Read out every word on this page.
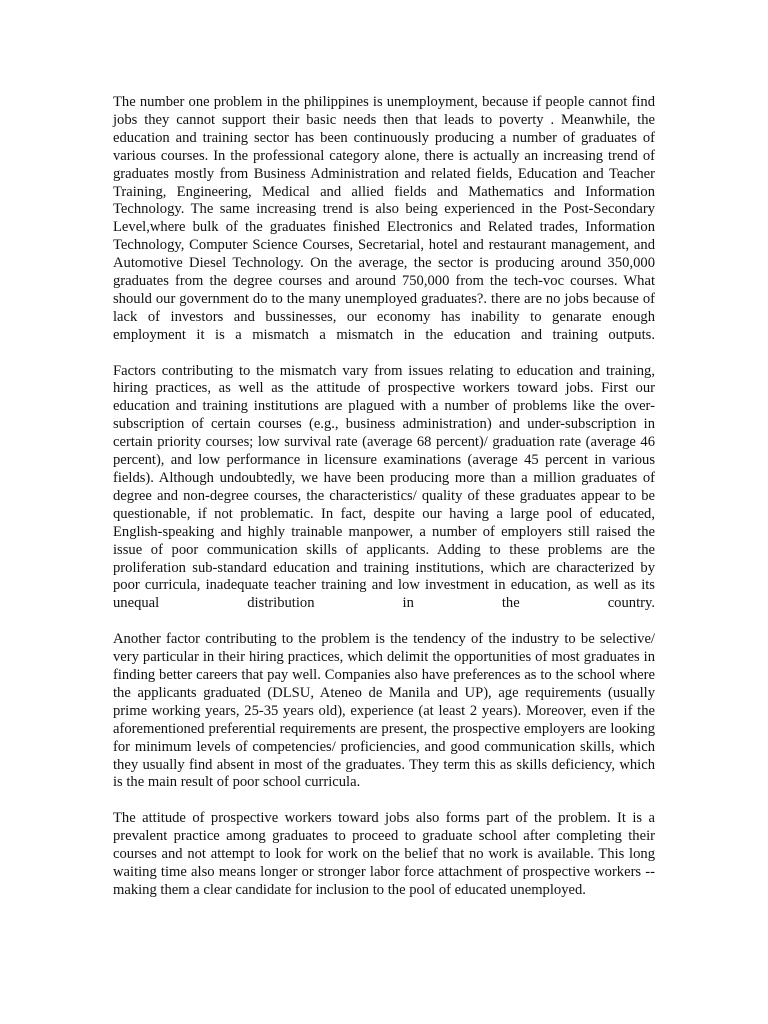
The number one problem in the philippines is unemployment, because if people cannot find jobs they cannot support their basic needs then that leads to poverty . Meanwhile, the education and training sector has been continuously producing a number of graduates of various courses. In the professional category alone, there is actually an increasing trend of graduates mostly from Business Administration and related fields, Education and Teacher Training, Engineering, Medical and allied fields and Mathematics and Information Technology. The same increasing trend is also being experienced in the Post-Secondary Level,where bulk of the graduates finished Electronics and Related trades, Information Technology, Computer Science Courses, Secretarial, hotel and restaurant management, and Automotive Diesel Technology. On the average, the sector is producing around 350,000 graduates from the degree courses and around 750,000 from the tech-voc courses. What should our government do to the many unemployed graduates?. there are no jobs because of lack of investors and bussinesses, our economy has inability to genarate enough employment it is a mismatch a mismatch in the education and training outputs.

Factors contributing to the mismatch vary from issues relating to education and training, hiring practices, as well as the attitude of prospective workers toward jobs. First our education and training institutions are plagued with a number of problems like the over-subscription of certain courses (e.g., business administration) and under-subscription in certain priority courses; low survival rate (average 68 percent)/ graduation rate (average 46 percent), and low performance in licensure examinations (average 45 percent in various fields). Although undoubtedly, we have been producing more than a million graduates of degree and non-degree courses, the characteristics/ quality of these graduates appear to be questionable, if not problematic. In fact, despite our having a large pool of educated, English-speaking and highly trainable manpower, a number of employers still raised the issue of poor communication skills of applicants. Adding to these problems are the proliferation sub-standard education and training institutions, which are characterized by poor curricula, inadequate teacher training and low investment in education, as well as its unequal distribution in the country.

Another factor contributing to the problem is the tendency of the industry to be selective/ very particular in their hiring practices, which delimit the opportunities of most graduates in finding better careers that pay well. Companies also have preferences as to the school where the applicants graduated (DLSU, Ateneo de Manila and UP), age requirements (usually prime working years, 25-35 years old), experience (at least 2 years). Moreover, even if the aforementioned preferential requirements are present, the prospective employers are looking for minimum levels of competencies/ proficiencies, and good communication skills, which they usually find absent in most of the graduates. They term this as skills deficiency, which is the main result of poor school curricula.

The attitude of prospective workers toward jobs also forms part of the problem. It is a prevalent practice among graduates to proceed to graduate school after completing their courses and not attempt to look for work on the belief that no work is available. This long waiting time also means longer or stronger labor force attachment of prospective workers -- making them a clear candidate for inclusion to the pool of educated unemployed.
